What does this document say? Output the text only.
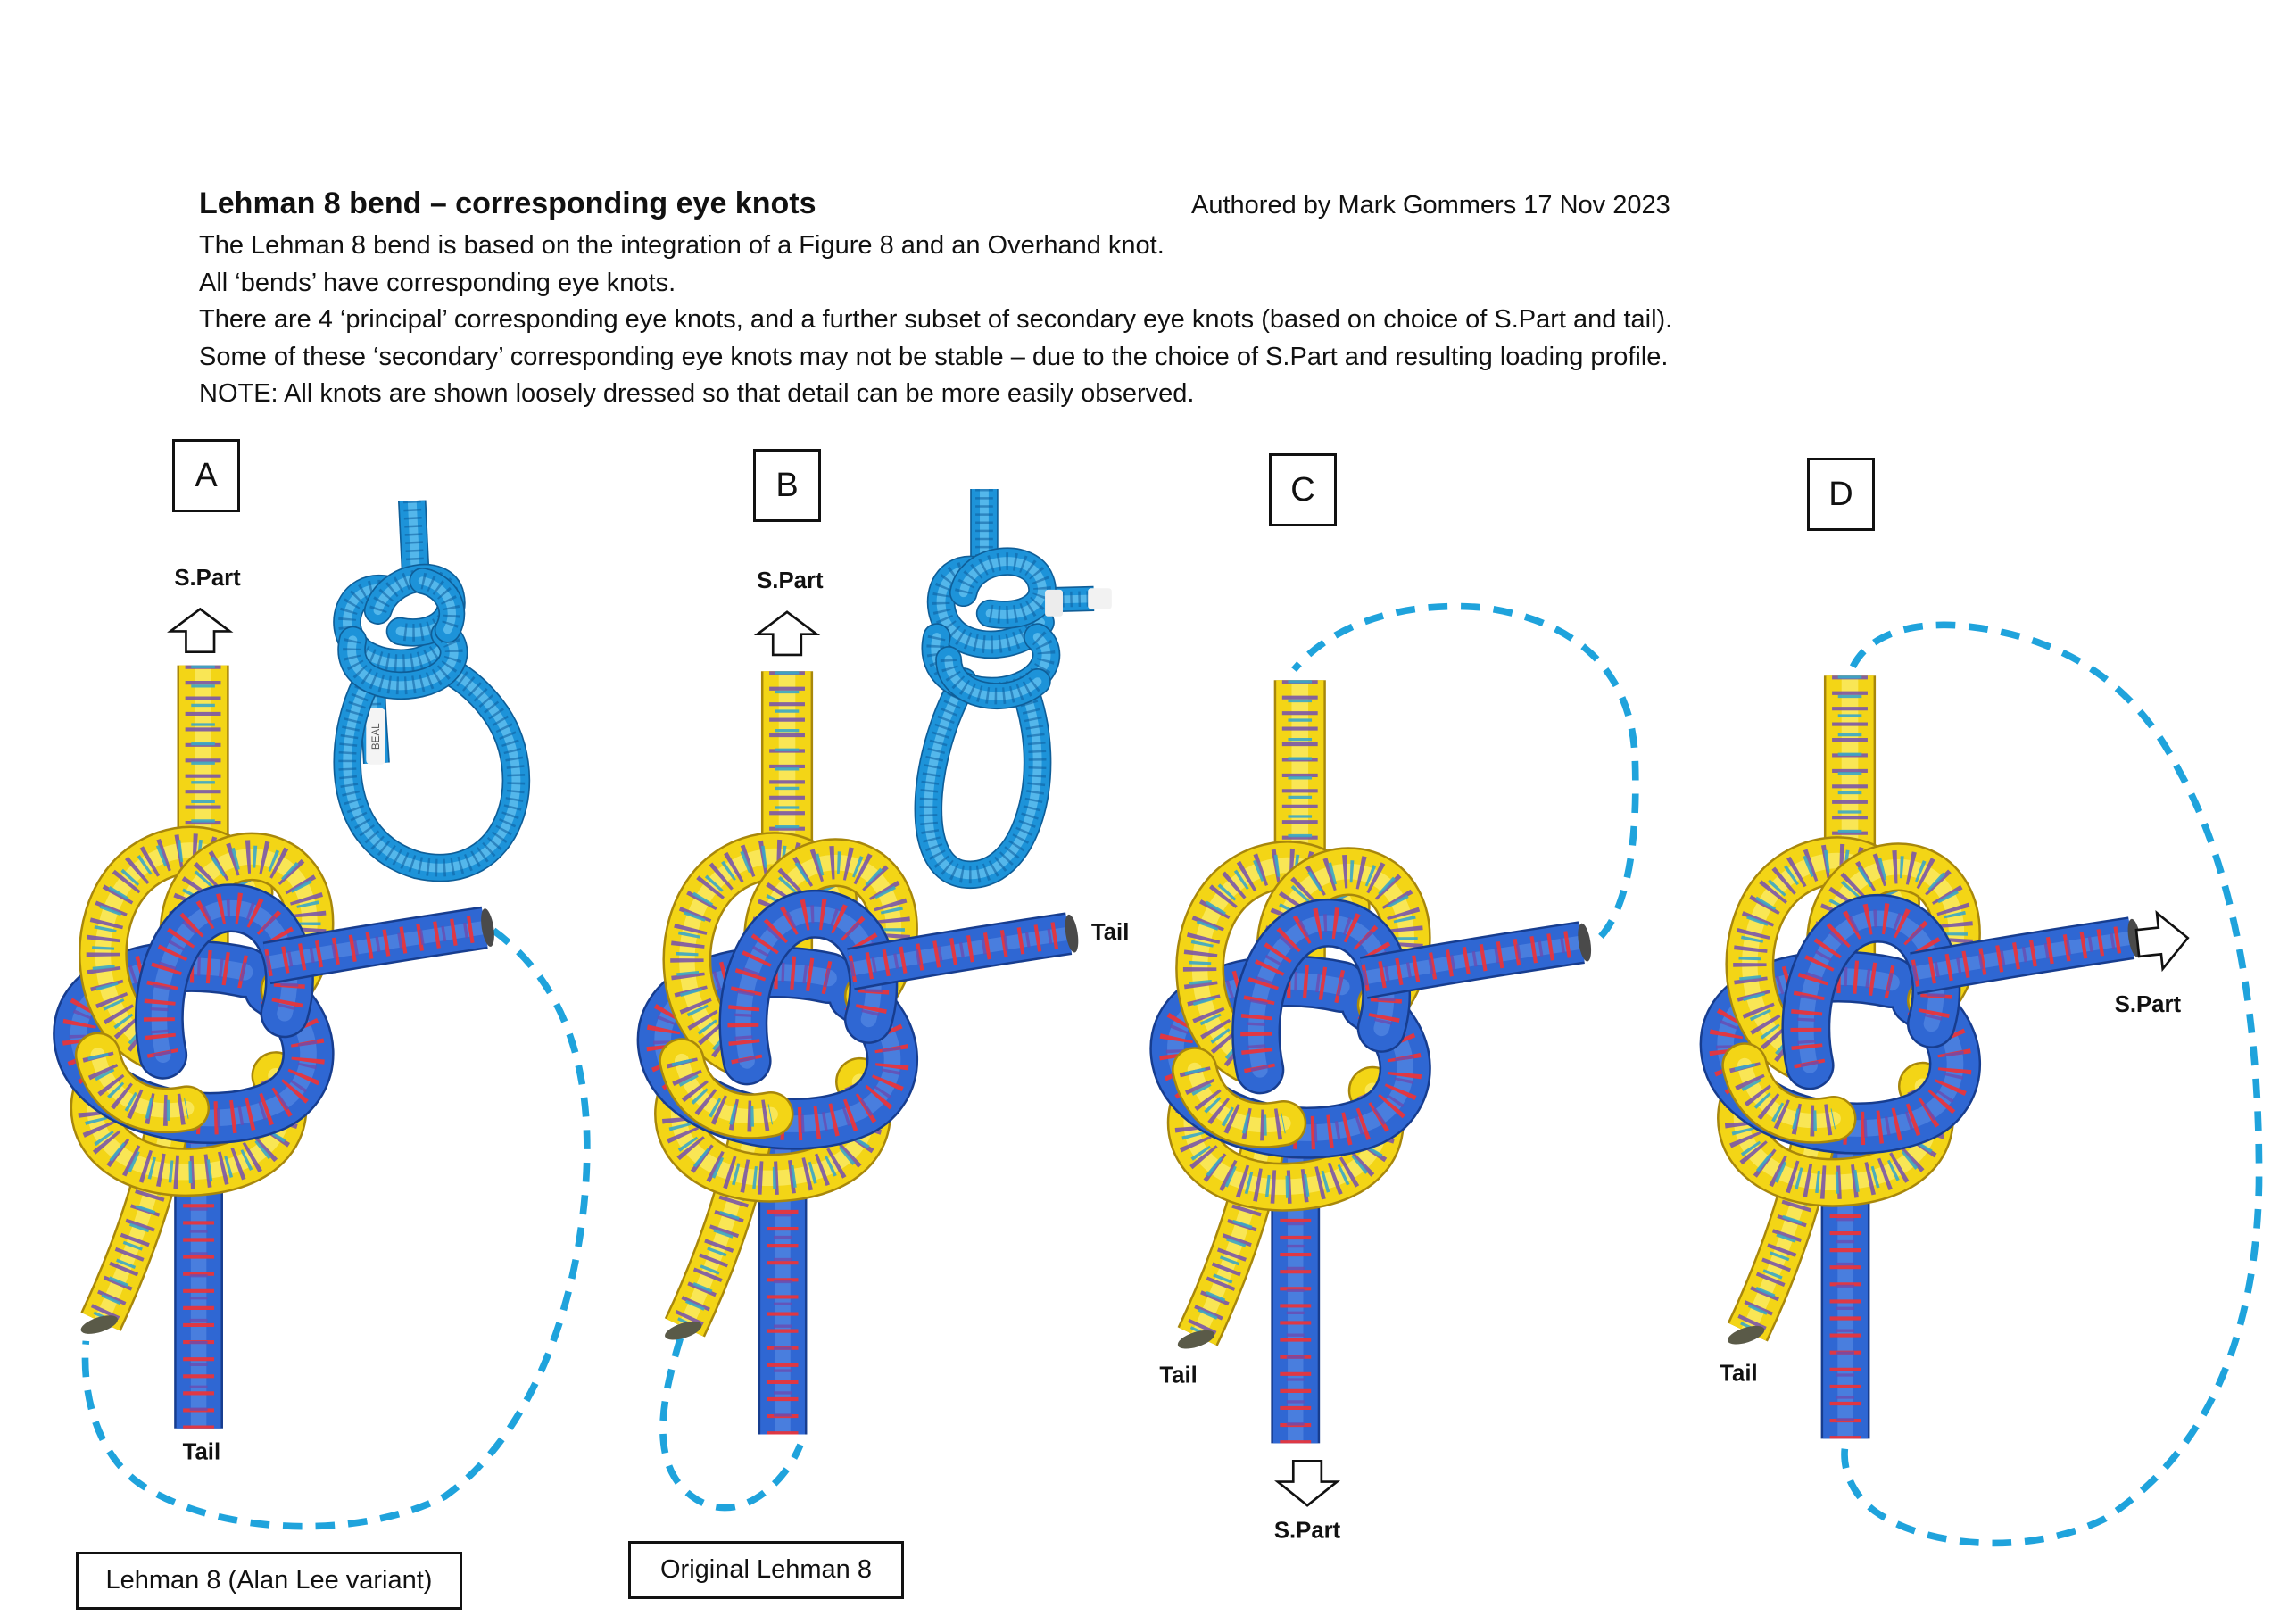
BEAL
S.Part
Tail
S.Part
Tail
Tail
S.Part
S.Part
Tail
Lehman 8 bend – corresponding eye knots	Authored by Mark Gommers 17 Nov 2023
The Lehman 8 bend is based on the integration of a Figure 8 and an Overhand knot.
All ‘bends’ have corresponding eye knots.
There are 4 ‘principal’ corresponding eye knots, and a further subset of secondary eye knots (based on choice of S.Part and tail).
Some of these ‘secondary’ corresponding eye knots may not be stable – due to the choice of S.Part and resulting loading profile.
NOTE: All knots are shown loosely dressed so that detail can be more easily observed.
A	B	C	D
Lehman 8 (Alan Lee variant)	Original Lehman 8
